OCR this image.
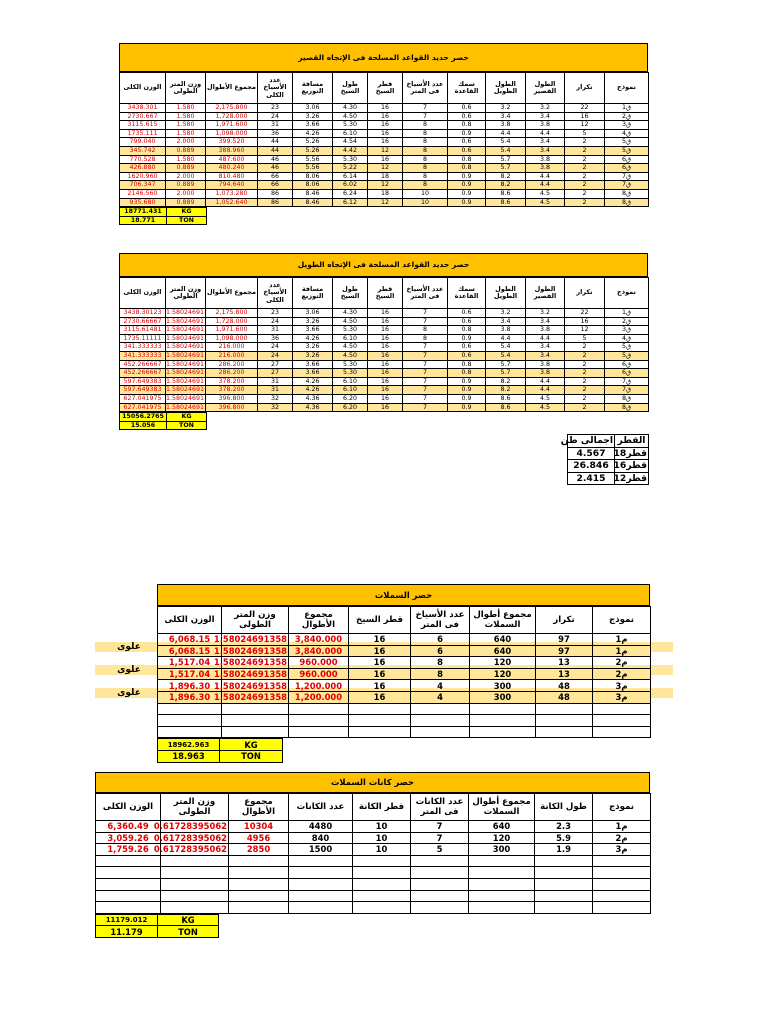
حصر حديد القواعد المسلحة فى الإتجاه القصير
نموذج	تكرار	الطول القصير	الطول الطويل	سمك القاعدة	عدد الأسياخ فى المتر	قطر السيخ	طول السيخ	مسافة التوزيع	عدد الأسياخ الكلى	مجموع الأطوال	وزن المتر الطولى	الوزن الكلى
ق1	22	3.2	3.2	0.6	7	16	4.30	3.06	23	2,175.800	1.580	3438.301
ق2	16	3.4	3.4	0.6	7	16	4.50	3.26	24	1,728.000	1.580	2730.667
ق3	12	3.8	3.8	0.8	8	16	5.30	3.66	31	1,971.600	1.580	3115.615
ق4	5	4.4	4.4	0.9	8	16	6.10	4.26	36	1,098.000	1.580	1735.111
ق5	2	3.4	5.4	0.6	8	16	4.54	5.26	44	399.520	2.000	799.040
ق5	2	3.4	5.4	0.6	8	12	4.42	5.26	44	388.960	0.889	345.742
ق6	2	3.8	5.7	0.8	8	16	5.30	5.56	46	487.600	1.580	770.528
ق6	2	3.8	5.7	0.8	8	12	5.22	5.56	46	480.240	0.889	426.880
ق7	2	4.4	8.2	0.9	8	18	6.14	8.06	66	810.480	2.000	1620.960
ق7	2	4.4	8.2	0.9	8	12	6.02	8.06	66	794.640	0.889	706.347
ق8	2	4.5	8.6	0.9	10	18	6.24	8.46	86	1,073.280	2.000	2146.560
ق8	2	4.5	8.6	0.9	10	12	6.12	8.46	86	1,052.640	0.889	935.680
18771.431	KG
18.771	TON
حصر حديد القواعد المسلحة فى الإتجاه الطويل
نموذج	تكرار	الطول القصير	الطول الطويل	سمك القاعدة	عدد الأسياخ فى المتر	قطر السيخ	طول السيخ	مسافة التوزيع	عدد الأسياخ الكلى	مجموع الأطوال	وزن المتر الطولى	الوزن الكلى
ق1	22	3.2	3.2	0.6	7	16	4.30	3.06	23	2,175.800	1.58024691	3438.30123
ق2	16	3.4	3.4	0.6	7	16	4.50	3.26	24	1,728.000	1.58024691	2730.66667
ق3	12	3.8	3.8	0.8	8	16	5.30	3.66	31	1,971.600	1.58024691	3115.61481
ق4	5	4.4	4.4	0.9	8	16	6.10	4.26	36	1,098.000	1.58024691	1735.11111
ق5	2	3.4	5.4	0.6	7	16	4.50	3.26	24	216.000	1.58024691	341.333333
ق5	2	3.4	5.4	0.6	7	16	4.50	3.26	24	216.000	1.58024691	341.333333
ق6	2	3.8	5.7	0.8	7	16	5.30	3.66	27	286.200	1.58024691	452.266667
ق6	2	3.8	5.7	0.8	7	16	5.30	3.66	27	286.200	1.58024691	452.266667
ق7	2	4.4	8.2	0.9	7	16	6.10	4.26	31	378.200	1.58024691	597.649383
ق7	2	4.4	8.2	0.9	7	16	6.10	4.26	31	378.200	1.58024691	597.649383
ق8	2	4.5	8.6	0.9	7	16	6.20	4.36	32	396.800	1.58024691	627.041975
ق8	2	4.5	8.6	0.9	7	16	6.20	4.36	32	396.800	1.58024691	627.041975
15056.2765	KG
15.056	TON
القطر	اجمالى طن
قطر18	4.567
قطر16	26.846
قطر12	2.415
علوى
علوى
علوى
حصر السملات
نموذج	تكرار	مجموع أطوال السملات	عدد الأسياخ فى المتر	قطر السيخ	مجموع الأطوال	وزن المتر الطولى	الوزن الكلى
م1	97	640	6	16	3,840.000	1.58024691358	6,068.15
م1	97	640	6	16	3,840.000	1.58024691358	6,068.15
م2	13	120	8	16	960.000	1.58024691358	1,517.04
م2	13	120	8	16	960.000	1.58024691358	1,517.04
م3	48	300	4	16	1,200.000	1.58024691358	1,896.30
م3	48	300	4	16	1,200.000	1.58024691358	1,896.30

18962.963	KG
18.963	TON
حصر كانات السملات
نموذج	طول الكانة	مجموع أطوال السملات	عدد الكانات فى المتر	قطر الكانة	عدد الكانات	مجموع الأطوال	وزن المتر الطولى	الوزن الكلى
م1	2.3	640	7	10	4480	10304	0.61728395062	6,360.49
م2	5.9	120	7	10	840	4956	0.61728395062	3,059.26
م3	1.9	300	5	10	1500	2850	0.61728395062	1,759.26

11179.012	KG
11.179	TON
